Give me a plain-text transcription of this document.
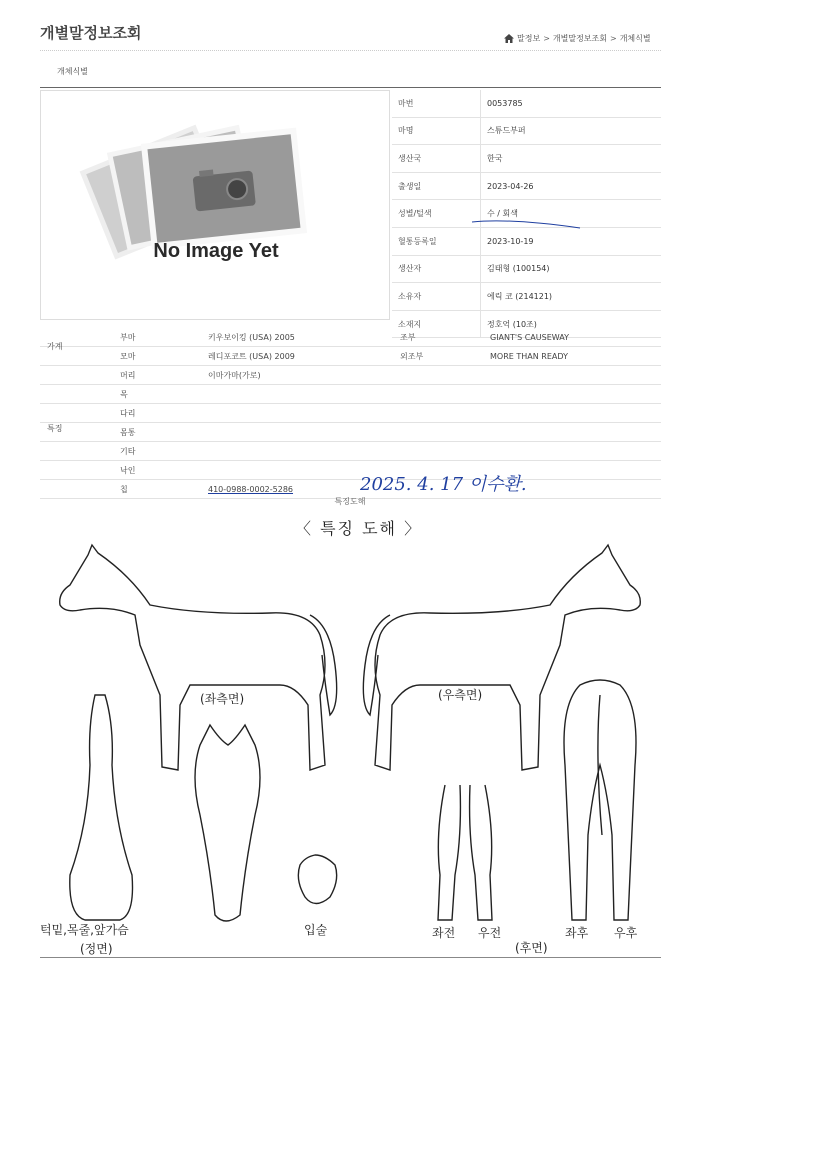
개별말정보조회	말정보 > 개별말정보조회 > 개체식별
개체식별
No Image Yet
마번	0053785
마명	스튜드부퍼
생산국	한국
출생일	2023-04-26
성별/털색	수 / 회색
혈통등록일	2023-10-19
생산자	김태형 (100154)
소유자	에릭 코 (214121)
소재지	정호억 (10조)
부마	키우보이킹 (USA) 2005	조부	GIANT'S CAUSEWAY
모마	레디포코트 (USA) 2009	외조부	MORE THAN READY
머리	이마가마(가로)
목
다리
몸통
기타
낙인
칩	410-0988-0002-5286
가계
특징
2025. 4. 17 이수환.
특징도해
〈 특징 도해 〉
(좌측면)	(우측면)
턱밑,목줄,앞가슴
(정면)
입술	좌전 우전
(후면)
좌후 우후
